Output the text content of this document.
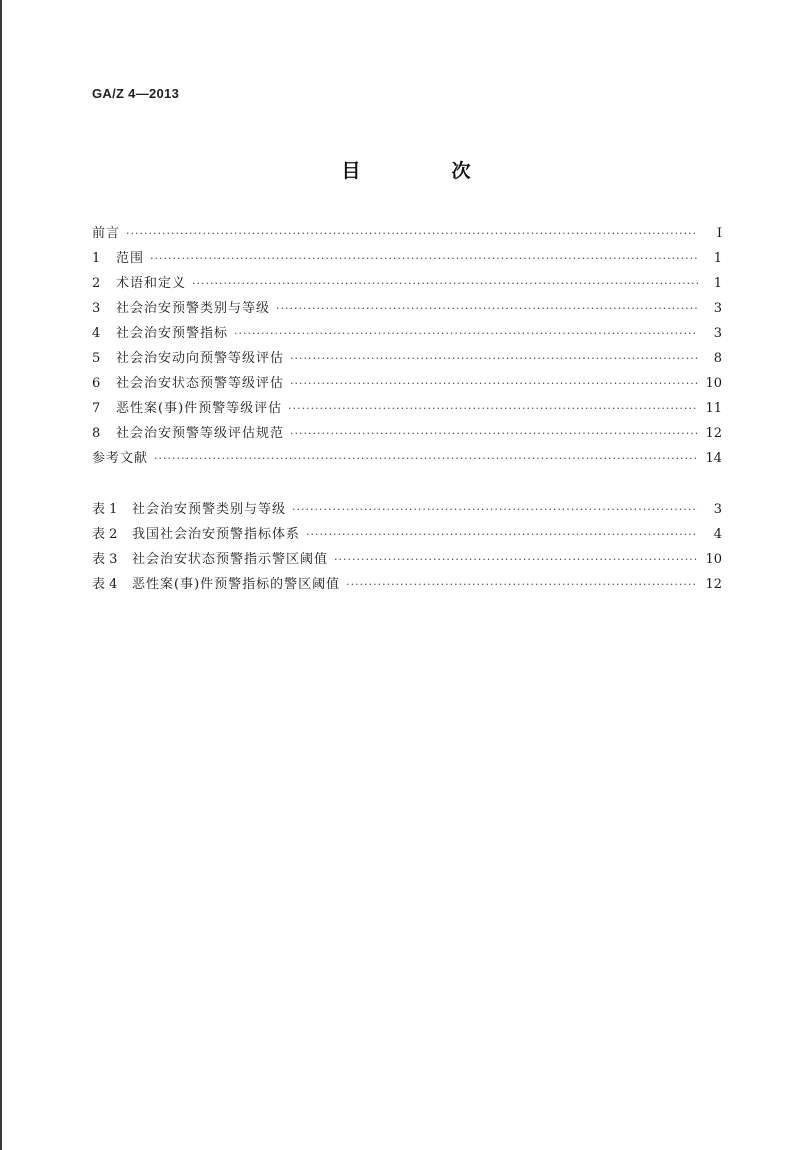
GA/Z 4—2013
目　次
前言 ·····	Ⅰ
1	范围 ·····	1
2	术语和定义 ·····	1
3	社会治安预警类别与等级 ·····	3
4	社会治安预警指标 ·····	3
5	社会治安动向预警等级评估 ·····	8
6	社会治安状态预警等级评估 ·····	10
7	恶性案(事)件预警等级评估 ·····	11
8	社会治安预警等级评估规范 ·····	12
参考文献 ·····	14
表 1	社会治安预警类别与等级 ·····	3
表 2	我国社会治安预警指标体系 ·····	4
表 3	社会治安状态预警指示警区阈值 ·····	10
表 4	恶性案(事)件预警指标的警区阈值 ·····	12
